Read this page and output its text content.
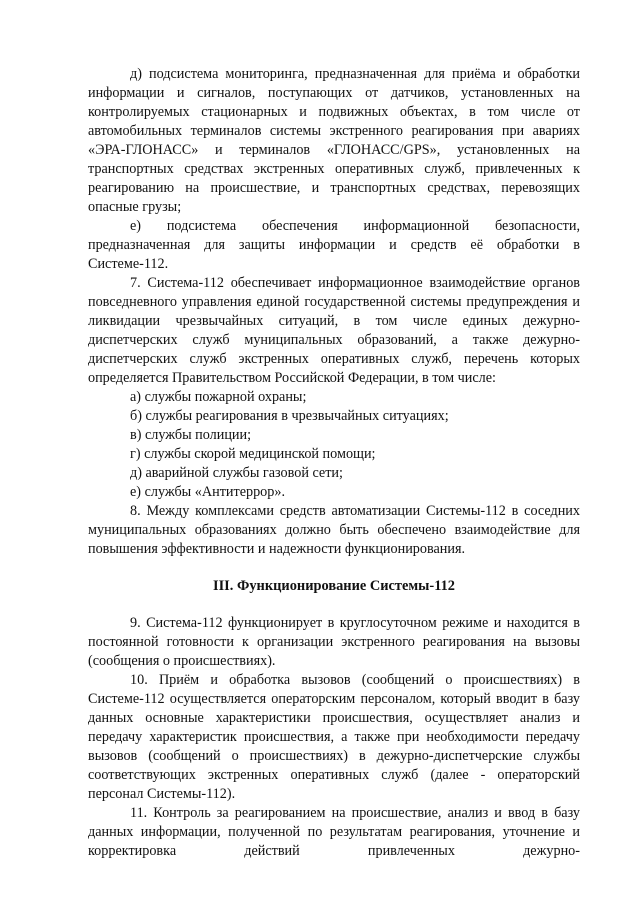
д) подсистема мониторинга, предназначенная для приёма и обработки информации и сигналов, поступающих от датчиков, установленных на контролируемых стационарных и подвижных объектах, в том числе от автомобильных терминалов системы экстренного реагирования при авариях «ЭРА-ГЛОНАСС» и терминалов «ГЛОНАСС/GPS», установленных на транспортных средствах экстренных оперативных служб, привлеченных к реагированию на происшествие, и транспортных средствах, перевозящих опасные грузы;

е) подсистема обеспечения информационной безопасности, предназначенная для защиты информации и средств её обработки в Системе-112.

7. Система-112 обеспечивает информационное взаимодействие органов повседневного управления единой государственной системы предупреждения и ликвидации чрезвычайных ситуаций, в том числе единых дежурно-диспетчерских служб муниципальных образований, а также дежурно-диспетчерских служб экстренных оперативных служб, перечень которых определяется Правительством Российской Федерации, в том числе:

а) службы пожарной охраны;

б) службы реагирования в чрезвычайных ситуациях;

в) службы полиции;

г) службы скорой медицинской помощи;

д) аварийной службы газовой сети;

е) службы «Антитеррор».

8. Между комплексами средств автоматизации Системы-112 в соседних муниципальных образованиях должно быть обеспечено взаимодействие для повышения эффективности и надежности функционирования.

III. Функционирование Системы-112

9. Система-112 функционирует в круглосуточном режиме и находится в постоянной готовности к организации экстренного реагирования на вызовы (сообщения о происшествиях).

10. Приём и обработка вызовов (сообщений о происшествиях) в Системе-112 осуществляется операторским персоналом, который вводит в базу данных основные характеристики происшествия, осуществляет анализ и передачу характеристик происшествия, а также при необходимости передачу вызовов (сообщений о происшествиях) в дежурно-диспетчерские службы соответствующих экстренных оперативных служб (далее - операторский персонал Системы-112).

11. Контроль за реагированием на происшествие, анализ и ввод в базу данных информации, полученной по результатам реагирования, уточнение и корректировка действий привлеченных дежурно-
